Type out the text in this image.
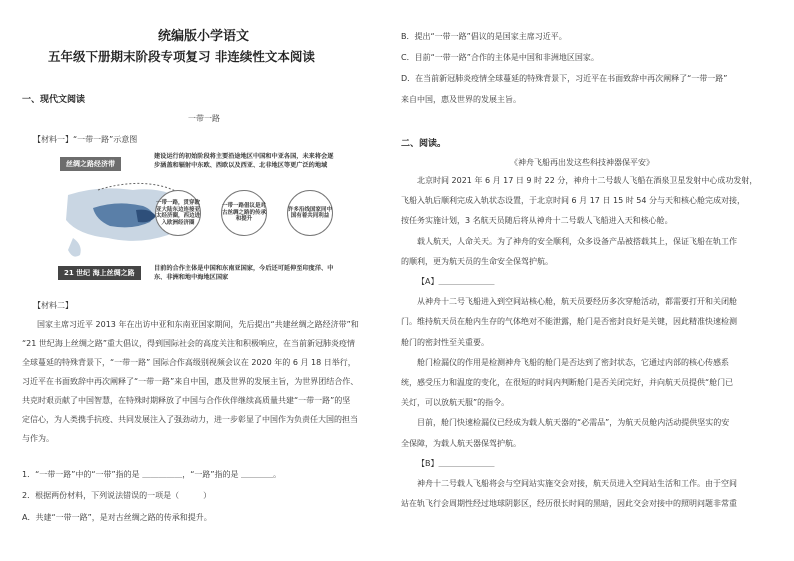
统编版小学语文
五年级下册期末阶段专项复习 非连续性文本阅读
一、现代文阅读
一带一路
【材料一】“一带一路”示意图
丝绸之路经济带
建设运行的初始阶段将主要沿途地区中国和中亚各国，未来将会逐步涵盖和辐射中东欧、西欧以及西亚、北非地区等更广泛的地域
一带一路，贯穿欧亚大陆东边连接亚太经济圈，西边进入欧洲经济圈
一带一路倡议是对古丝绸之路的传承和提升
许多沿线国家同中国有着共同利益
21 世纪 海上丝绸之路
目前的合作主体是中国和东南亚国家，今后还可延伸至印度洋、中东、非洲和地中海地区国家
【材料二】
国家主席习近平 2013 年在出访中亚和东南亚国家期间，先后提出“共建丝绸之路经济带”和
“21 世纪海上丝绸之路”重大倡议，得到国际社会的高度关注和积极响应，在当前新冠肺炎疫情
全球蔓延的特殊背景下，“一带一路” 国际合作高级别视频会议在 2020 年的 6 月 18 日举行，
习近平在书面致辞中再次阐释了“一带一路”来自中国，惠及世界的发展主旨，为世界团结合作、
共克时艰贡献了中国智慧，在特殊时期释放了中国与合作伙伴继续高质量共建“一带一路”的坚
定信心，为人类携手抗疫、共同发展注入了强劲动力，进一步彰显了中国作为负责任大国的担当
与作为。
1．“一带一路”中的“一带”指的是 ＿＿＿＿＿，“一路”指的是 ＿＿＿＿。
2．根据两份材料，下列说法错误的一项是（　　　）
A．共建“一带一路”，是对古丝绸之路的传承和提升。
B．提出“一带一路”倡议的是国家主席习近平。
C．目前“一带一路”合作的主体是中国和非洲地区国家。
D．在当前新冠肺炎疫情全球蔓延的特殊背景下，习近平在书面致辞中再次阐释了“一带一路”
来自中国，惠及世界的发展主旨。
二、阅读。
《神舟飞船再出发这些科技神器保平安》
北京时间 2021 年 6 月 17 日 9 时 22 分，神舟十二号载人飞船在酒泉卫星发射中心成功发射，
飞船入轨后顺利完成入轨状态设置，于北京时间 6 月 17 日 15 时 54 分与天和核心舱完成对接，
按任务实施计划，3 名航天员随后将从神舟十二号载人飞船进入天和核心舱。
载人航天，人命关天。为了神舟的安全顺利，众多设备产品被搭载其上，保证飞船在轨工作
的顺利，更为航天员的生命安全保驾护航。
【A】＿＿＿＿＿＿＿
从神舟十二号飞船进入到空间站核心舱，航天员要经历多次穿舱活动，都需要打开和关闭舱
门。维持航天员在舱内生存的气体绝对不能泄露，舱门是否密封良好是关键，因此精准快速检测
舱门的密封性至关重要。
舱门检漏仪的作用是检测神舟飞船的舱门是否达到了密封状态，它通过内部的核心传感系
统，感受压力和温度的变化，在很短的时间内判断舱门是否关闭完好，并向航天员提供“舱门已
关灯，可以放航天服”的指令。
目前，舱门快速检漏仪已经成为载人航天器的“必需品”，为航天员舱内活动提供坚实的安
全保障，为载人航天器保驾护航。
【B】＿＿＿＿＿＿＿
神舟十二号载人飞船将会与空间站实施交会对接，航天员进入空间站生活和工作。由于空间
站在轨飞行会周期性经过地球阴影区，经历很长时间的黑暗，因此交会对接中的照明问题非常重
